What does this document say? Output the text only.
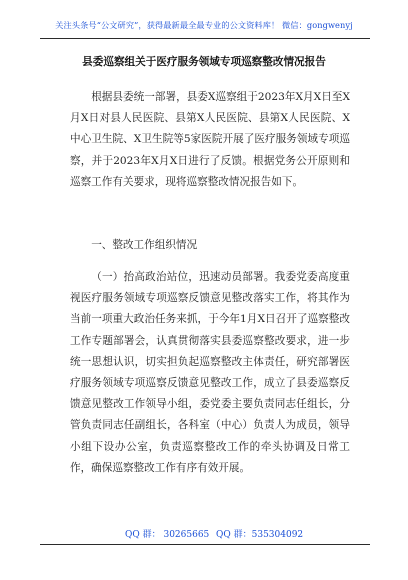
关注头条号“公文研究”，获得最新最全最专业的公文资料库！ 微信：gongwenyj
县委巡察组关于医疗服务领域专项巡察整改情况报告

根据县委统一部署，县委X巡察组于2023年X月X日至X月X日对县人民医院、县第X人民医院、县第X人民医院、X中心卫生院、X卫生院等5家医院开展了医疗服务领域专项巡察，并于2023年X月X日进行了反馈。根据党务公开原则和巡察工作有关要求，现将巡察整改情况报告如下。

一、整改工作组织情况

（一）抬高政治站位，迅速动员部署。我委党委高度重视医疗服务领域专项巡察反馈意见整改落实工作，将其作为当前一项重大政治任务来抓，于今年1月X日召开了巡察整改工作专题部署会，认真贯彻落实县委巡察整改要求，进一步统一思想认识，切实担负起巡察整改主体责任，研究部署医疗服务领域专项巡察反馈意见整改工作，成立了县委巡察反馈意见整改工作领导小组，委党委主要负责同志任组长，分管负责同志任副组长，各科室（中心）负责人为成员，领导小组下设办公室，负责巡察整改工作的牵头协调及日常工作，确保巡察整改工作有序有效开展。

QQ 群： 30265665 QQ 群：535304092
